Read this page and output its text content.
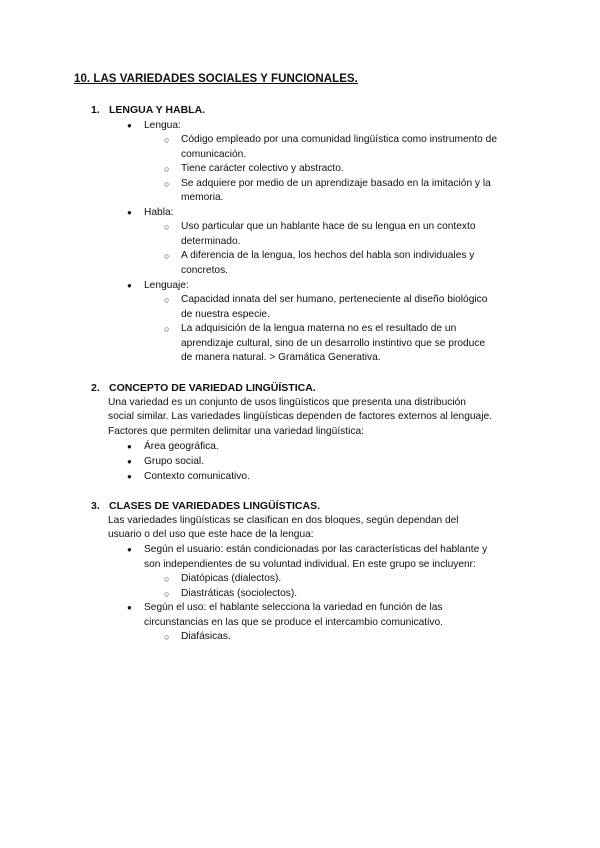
10. LAS VARIEDADES SOCIALES Y FUNCIONALES.
1. LENGUA Y HABLA.
● Lengua:
○ Código empleado por una comunidad lingüística como instrumento de
comunicación.
○ Tiene carácter colectivo y abstracto.
○ Se adquiere por medio de un aprendizaje basado en la imitación y la
memoria.
● Habla:
○ Uso particular que un hablante hace de su lengua en un contexto
determinado.
○ A diferencia de la lengua, los hechos del habla son individuales y
concretos.
● Lenguaje:
○ Capacidad innata del ser humano, perteneciente al diseño biológico
de nuestra especie.
○ La adquisición de la lengua materna no es el resultado de un
aprendizaje cultural, sino de un desarrollo instintivo que se produce
de manera natural. > Gramática Generativa.
2. CONCEPTO DE VARIEDAD LINGÜÍSTICA.
Una variedad es un conjunto de usos lingüísticos que presenta una distribución
social similar. Las variedades lingüísticas dependen de factores externos al lenguaje.
Factores que permiten delimitar una variedad lingüística:
● Área geográfica.
● Grupo social.
● Contexto comunicativo.
3. CLASES DE VARIEDADES LINGÜÍSTICAS.
Las variedades lingüísticas se clasifican en dos bloques, según dependan del
usuario o del uso que este hace de la lengua:
● Según el usuario: están condicionadas por las características del hablante y
son independientes de su voluntad individual. En este grupo se incluyenr:
○ Diatópicas (dialectos).
○ Diastráticas (sociolectos).
● Según el uso: el hablante selecciona la variedad en función de las
circunstancias en las que se produce el intercambio comunicativo.
○ Diafásicas.
